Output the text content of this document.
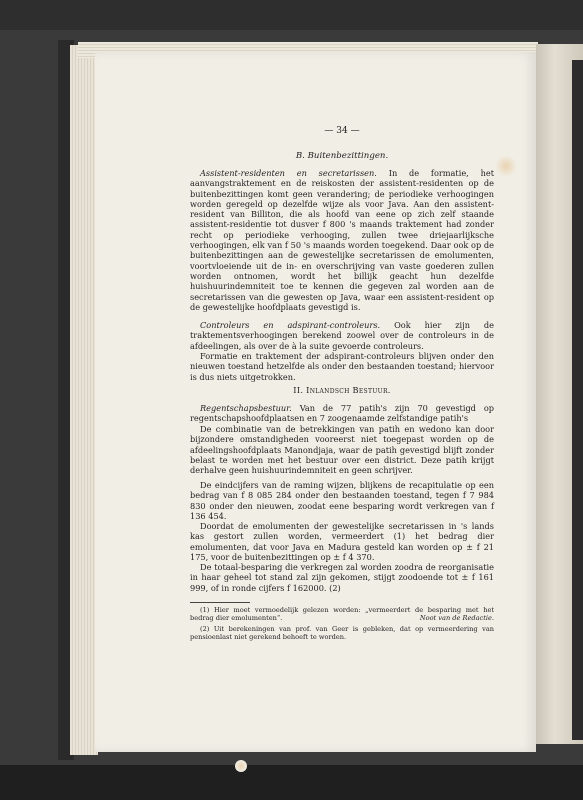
— 34 —
B. Buitenbezittingen.

Assistent-residenten en secretarissen. In de formatie, het aanvangstraktement en de reiskosten der assistent-residenten op de buitenbezittingen komt geen verandering; de periodieke verhoogingen worden geregeld op dezelfde wijze als voor Java. Aan den assistent-resident van Billiton, die als hoofd van eene op zich zelf staande assistent-residentie tot dusver f 800 's maands traktement had zonder recht op periodieke verhooging, zullen twee driejaarlijksche verhoogingen, elk van f 50 's maands worden toegekend. Daar ook op de buitenbezittingen aan de gewestelijke secretarissen de emolumenten, voortvloeiende uit de in- en overschrijving van vaste goederen zullen worden ontnomen, wordt het billijk geacht hun dezelfde huishuurindemniteit toe te kennen die gegeven zal worden aan de secretarissen van die gewesten op Java, waar een assistent-resident op de gewestelijke hoofdplaats gevestigd is.

Controleurs en adspirant-controleurs. Ook hier zijn de traktementsverhoogingen berekend zoowel over de controleurs in de afdeelingen, als over de à la suite gevoerde controleurs.

Formatie en traktement der adspirant-controleurs blijven onder den nieuwen toestand hetzelfde als onder den bestaanden toestand; hiervoor is dus niets uitgetrokken.

II. Inlandsch Bestuur.

Regentschapsbestuur. Van de 77 patih's zijn 70 gevestigd op regentschapshoofdplaatsen en 7 zoogenaamde zelfstandige patih's

De combinatie van de betrekkingen van patih en wedono kan door bijzondere omstandigheden vooreerst niet toegepast worden op de afdeelingshoofdplaats Manondjaja, waar de patih gevestigd blijft zonder belast te worden met het bestuur over een district. Deze patih krijgt derhalve geen huishuurindemniteit en geen schrijver.

De eindcijfers van de raming wijzen, blijkens de recapitulatie op een bedrag van f 8 085 284 onder den bestaanden toestand, tegen f 7 984 830 onder den nieuwen, zoodat eene besparing wordt verkregen van f 136 454.

Doordat de emolumenten der gewestelijke secretarissen in 's lands kas gestort zullen worden, vermeerdert (1) het bedrag dier emolumenten, dat voor Java en Madura gesteld kan worden op ± f 21 175, voor de buitenbezittingen op ± f 4 370.

De totaal-besparing die verkregen zal worden zoodra de reorganisatie in haar geheel tot stand zal zijn gekomen, stijgt zoodoende tot ± f 161 999, of in ronde cijfers f 162000. (2)

(1) Hier moet vermoedelijk gelezen worden: „vermeerdert de besparing met het bedrag dier emolumenten“.	Noot van de Redactie.

(2) Uit berekeningen van prof. van Geer is gebleken, dat op vermeerdering van pensioenlast niet gerekend behoeft te worden.
